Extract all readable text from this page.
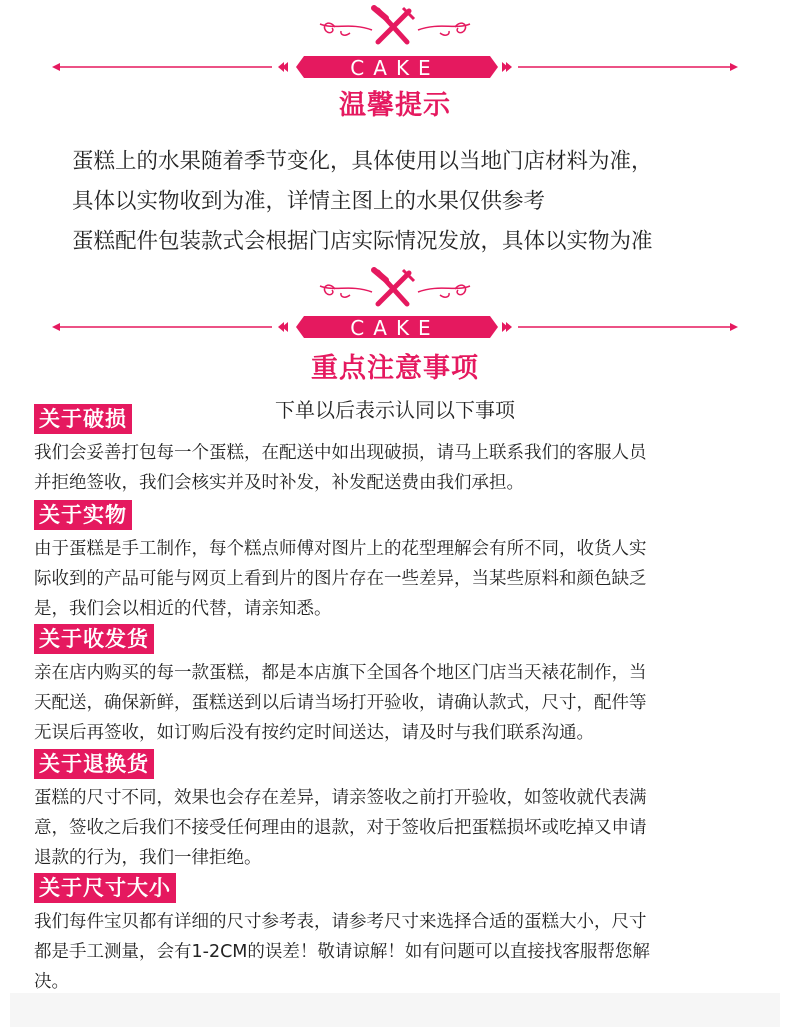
CAKE
温馨提示
蛋糕上的水果随着季节变化，具体使用以当地门店材料为准，
具体以实物收到为准，详情主图上的水果仅供参考
蛋糕配件包装款式会根据门店实际情况发放，具体以实物为准
CAKE
重点注意事项
下单以后表示认同以下事项
关于破损
我们会妥善打包每一个蛋糕，在配送中如出现破损，请马上联系我们的客服人员
并拒绝签收，我们会核实并及时补发，补发配送费由我们承担。
关于实物
由于蛋糕是手工制作，每个糕点师傅对图片上的花型理解会有所不同，收货人实
际收到的产品可能与网页上看到片的图片存在一些差异，当某些原料和颜色缺乏
是，我们会以相近的代替，请亲知悉。
关于收发货
亲在店内购买的每一款蛋糕，都是本店旗下全国各个地区门店当天裱花制作，当
天配送，确保新鲜，蛋糕送到以后请当场打开验收，请确认款式，尺寸，配件等
无误后再签收，如订购后没有按约定时间送达，请及时与我们联系沟通。
关于退换货
蛋糕的尺寸不同，效果也会存在差异，请亲签收之前打开验收，如签收就代表满
意，签收之后我们不接受任何理由的退款，对于签收后把蛋糕损坏或吃掉又申请
退款的行为，我们一律拒绝。
关于尺寸大小
我们每件宝贝都有详细的尺寸参考表，请参考尺寸来选择合适的蛋糕大小，尺寸
都是手工测量，会有1-2CM的误差！敬请谅解！如有问题可以直接找客服帮您解
决。
